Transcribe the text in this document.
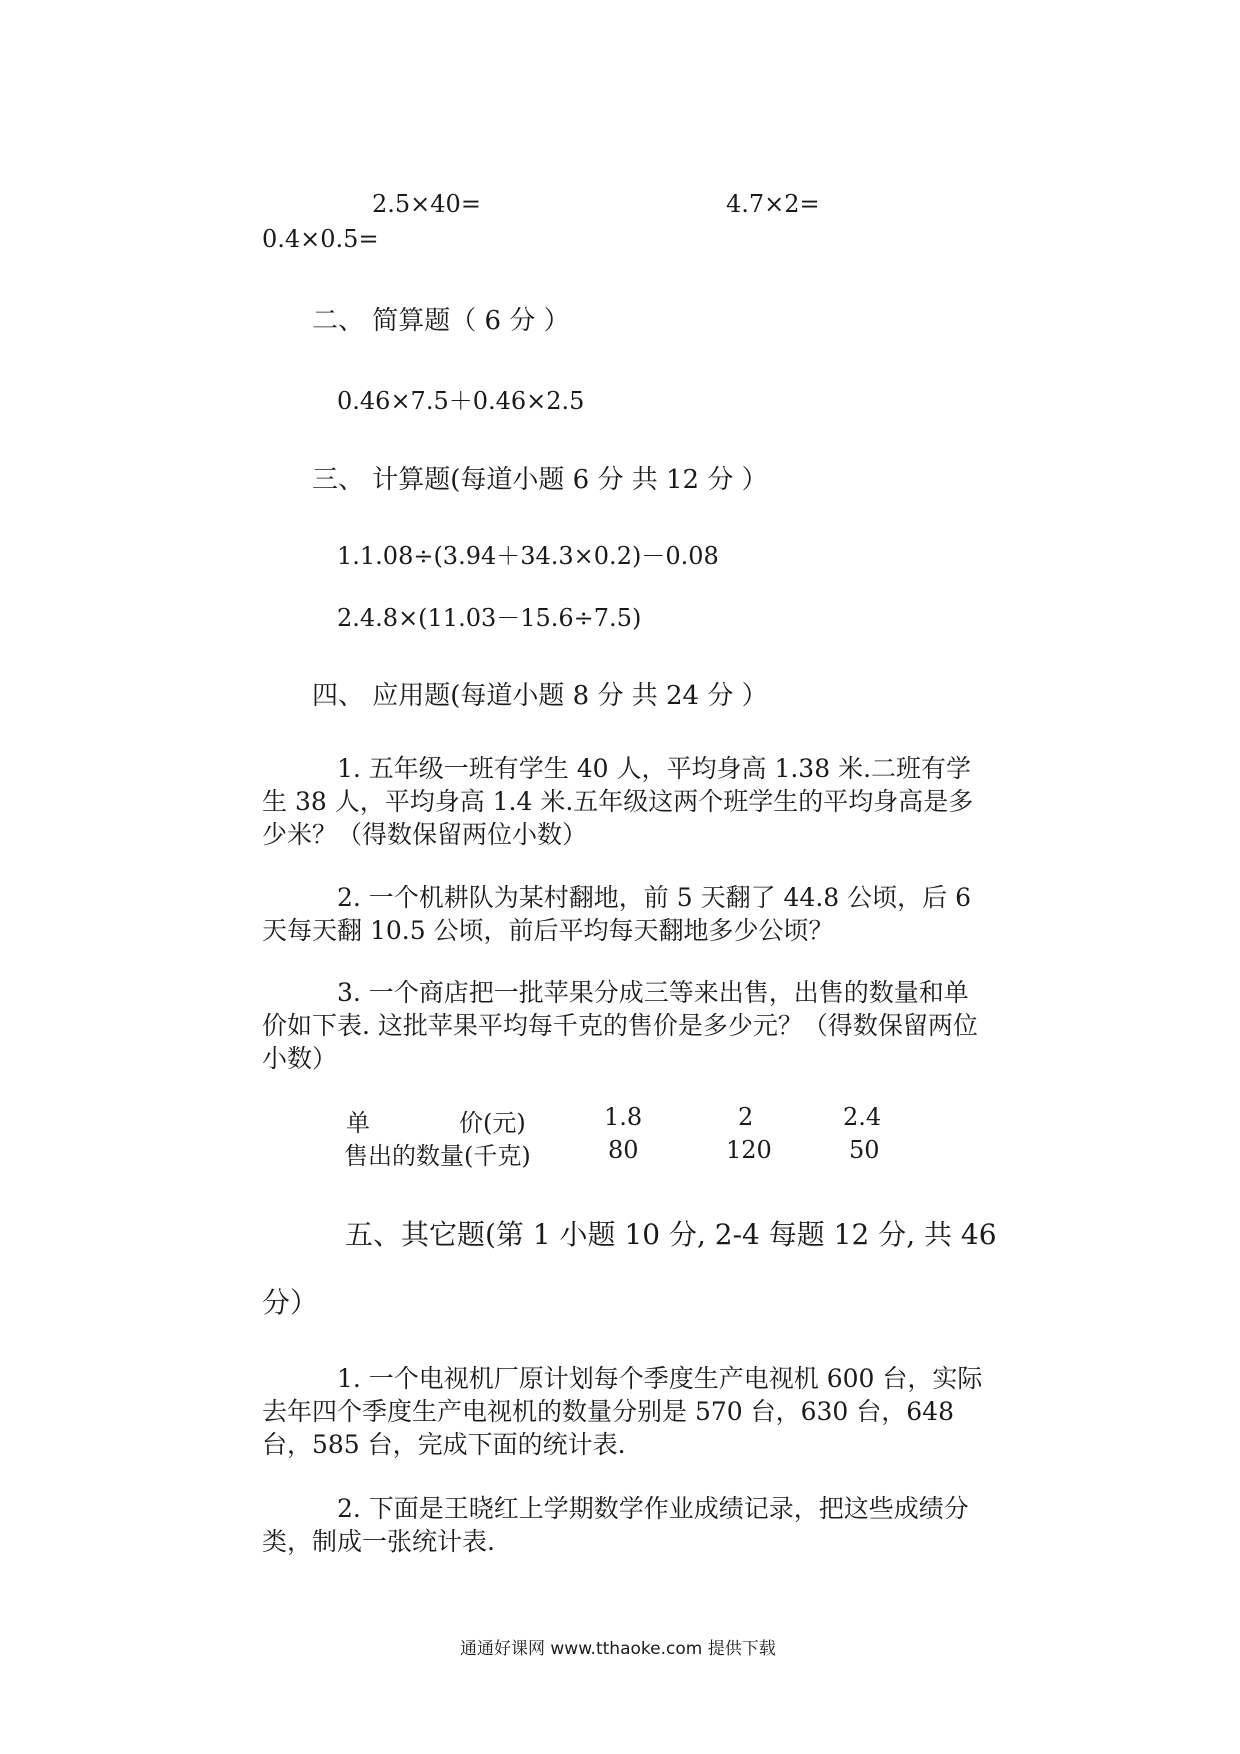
2.5×40=	4.7×2=
0.4×0.5=
二、 简算题（ 6 分 ）
0.46×7.5＋0.46×2.5
三、 计算题(每道小题 6 分 共 12 分 ）
1.1.08÷(3.94＋34.3×0.2)－0.08
2.4.8×(11.03－15.6÷7.5)
四、 应用题(每道小题 8 分 共 24 分 ）
1. 五年级一班有学生 40 人，平均身高 1.38 米.二班有学生 38 人，平均身高 1.4 米.五年级这两个班学生的平均身高是多少米？（得数保留两位小数）
2. 一个机耕队为某村翻地，前 5 天翻了 44.8 公顷，后 6 天每天翻 10.5 公顷，前后平均每天翻地多少公顷？
3. 一个商店把一批苹果分成三等来出售，出售的数量和单价如下表. 这批苹果平均每千克的售价是多少元？（得数保留两位小数）
单	价(元)	1.8	2	2.4
售出的数量(千克)	80	120	50
五、其它题(第 1 小题 10 分, 2-4 每题 12 分, 共 46
分）
1. 一个电视机厂原计划每个季度生产电视机 600 台，实际去年四个季度生产电视机的数量分别是 570 台，630 台，648 台，585 台，完成下面的统计表.
2. 下面是王晓红上学期数学作业成绩记录，把这些成绩分类，制成一张统计表.
通通好课网 www.tthaoke.com 提供下载
